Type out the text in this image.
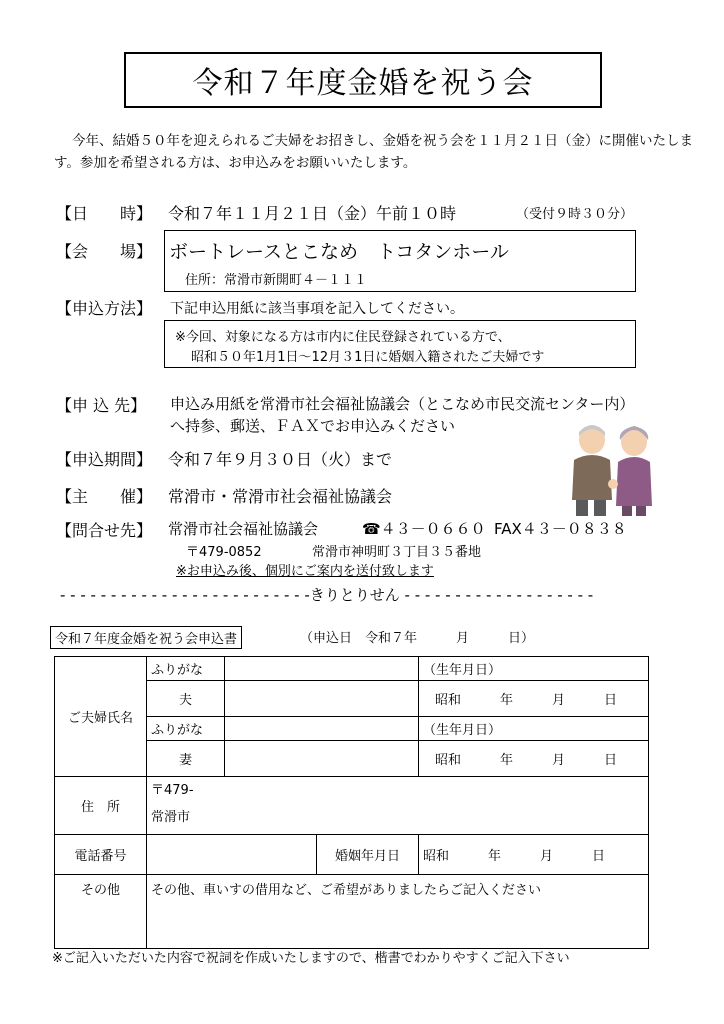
令和７年度金婚を祝う会
今年、結婚５０年を迎えられるご夫婦をお招きし、金婚を祝う会を１１月２１日（金）に開催いたします。参加を希望される方は、お申込みをお願いいたします。
【日　　時】 令和７年１１月２１日（金）午前１０時	（受付９時３０分）
【会　　場】 ボートレースとこなめ　トコタンホール
住所：常滑市新開町４－１１１
【申込方法】 下記申込用紙に該当事項を記入してください。
※今回、対象になる方は市内に住民登録されている方で、
昭和５０年1月1日～12月３1日に婚姻入籍されたご夫婦です
【申 込 先】 申込み用紙を常滑市社会福祉協議会（とこなめ市民交流センター内）
へ持参、郵送、ＦＡＸでお申込みください
【申込期間】 令和７年９月３０日（火）まで
【主　　催】 常滑市・常滑市社会福祉協議会
【問合せ先】 常滑市社会福祉協議会	☎４３－０６６０ FAX４３－０８３８
〒479-0852	常滑市神明町３丁目３５番地
※お申込み後、個別にご案内を送付致します
- - - - - - - - - - - - - - - - - - - - - - - - -きりとりせん - - - - - - - - - - - - - - - - - - -
令和７年度金婚を祝う会申込書	（申込日　令和７年　　　月　　　日）
ご夫婦氏名	ふりがな			（生年月日）
	夫			昭和　　　年　　　月　　　日
	ふりがな			（生年月日）
	妻			昭和　　　年　　　月　　　日
住　所	〒479-
常滑市			

電話番号			婚姻年月日	昭和　　　年　　　月　　　日
その他	その他、車いすの借用など、ご希望がありましたらご記入ください			
※ご記入いただいた内容で祝詞を作成いたしますので、楷書でわかりやすくご記入下さい
